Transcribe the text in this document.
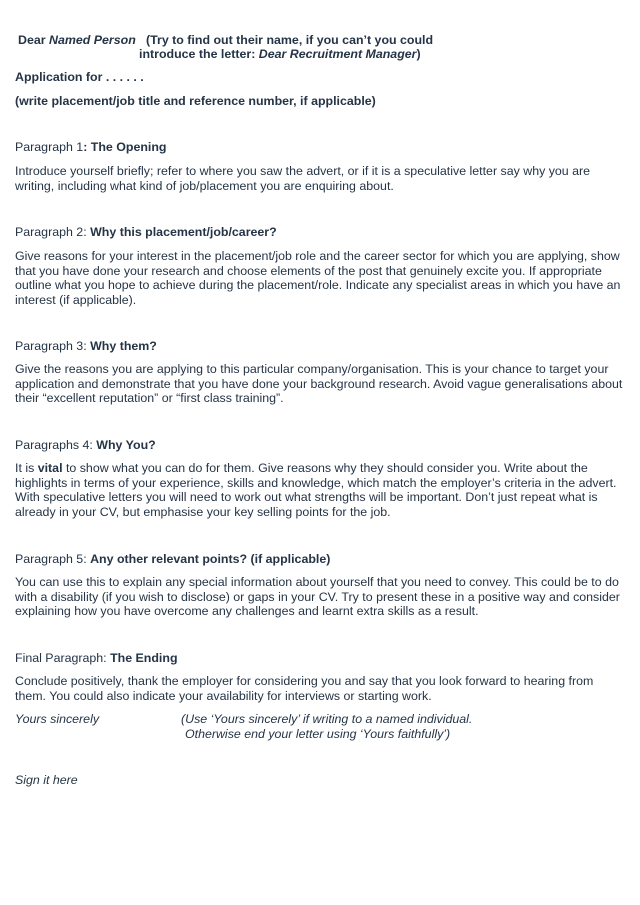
Dear Named Person (Try to find out their name, if you can’t you could
introduce the letter: Dear Recruitment Manager)
Application for . . . . . .
(write placement/job title and reference number, if applicable)
Paragraph 1: The Opening
Introduce yourself briefly; refer to where you saw the advert, or if it is a speculative letter say why you are writing, including what kind of job/placement you are enquiring about.
Paragraph 2: Why this placement/job/career?
Give reasons for your interest in the placement/job role and the career sector for which you are applying, show that you have done your research and choose elements of the post that genuinely excite you. If appropriate outline what you hope to achieve during the placement/role. Indicate any specialist areas in which you have an interest (if applicable).
Paragraph 3: Why them?
Give the reasons you are applying to this particular company/organisation. This is your chance to target your application and demonstrate that you have done your background research. Avoid vague generalisations about their “excellent reputation” or “first class training”.
Paragraphs 4: Why You?
It is vital to show what you can do for them. Give reasons why they should consider you. Write about the highlights in terms of your experience, skills and knowledge, which match the employer’s criteria in the advert. With speculative letters you will need to work out what strengths will be important. Don’t just repeat what is already in your CV, but emphasise your key selling points for the job.
Paragraph 5: Any other relevant points? (if applicable)
You can use this to explain any special information about yourself that you need to convey. This could be to do with a disability (if you wish to disclose) or gaps in your CV. Try to present these in a positive way and consider explaining how you have overcome any challenges and learnt extra skills as a result.
Final Paragraph: The Ending
Conclude positively, thank the employer for considering you and say that you look forward to hearing from them. You could also indicate your availability for interviews or starting work.
Yours sincerely	(Use ‘Yours sincerely’ if writing to a named individual.
Otherwise end your letter using ‘Yours faithfully’)
Sign it here
